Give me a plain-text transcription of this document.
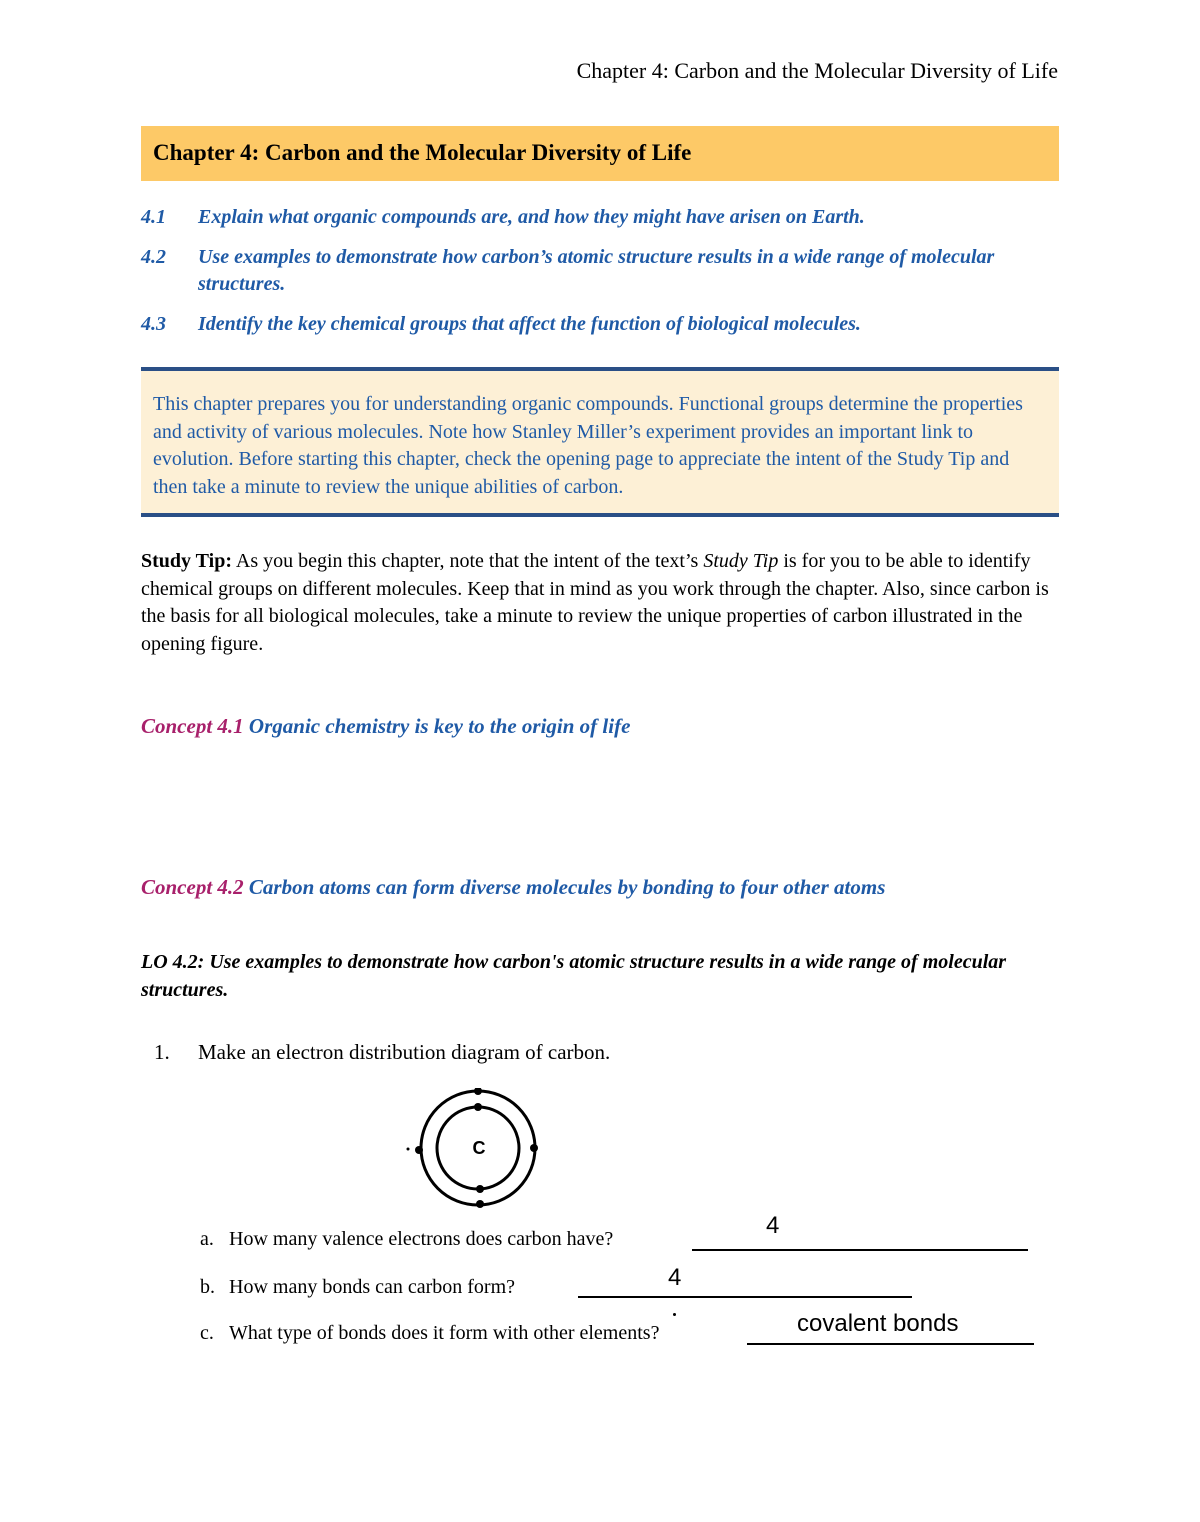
Chapter 4: Carbon and the Molecular Diversity of Life
Chapter 4: Carbon and the Molecular Diversity of Life
4.1	Explain what organic compounds are, and how they might have arisen on Earth.
4.2	Use examples to demonstrate how carbon’s atomic structure results in a wide range of molecular structures.
4.3	Identify the key chemical groups that affect the function of biological molecules.
This chapter prepares you for understanding organic compounds. Functional groups determine the properties and activity of various molecules. Note how Stanley Miller’s experiment provides an important link to evolution. Before starting this chapter, check the opening page to appreciate the intent of the Study Tip and then take a minute to review the unique abilities of carbon.
Study Tip: As you begin this chapter, note that the intent of the text’s Study Tip is for you to be able to identify chemical groups on different molecules. Keep that in mind as you work through the chapter. Also, since carbon is the basis for all biological molecules, take a minute to review the unique properties of carbon illustrated in the opening figure.
Concept 4.1 Organic chemistry is key to the origin of life
Concept 4.2 Carbon atoms can form diverse molecules by bonding to four other atoms
LO 4.2: Use examples to demonstrate how carbon's atomic structure results in a wide range of molecular structures.
1. Make an electron distribution diagram of carbon.
C
a. How many valence electrons does carbon have?	4
b. How many bonds can carbon form?	4
c. What type of bonds does it form with other elements?	covalent bonds
